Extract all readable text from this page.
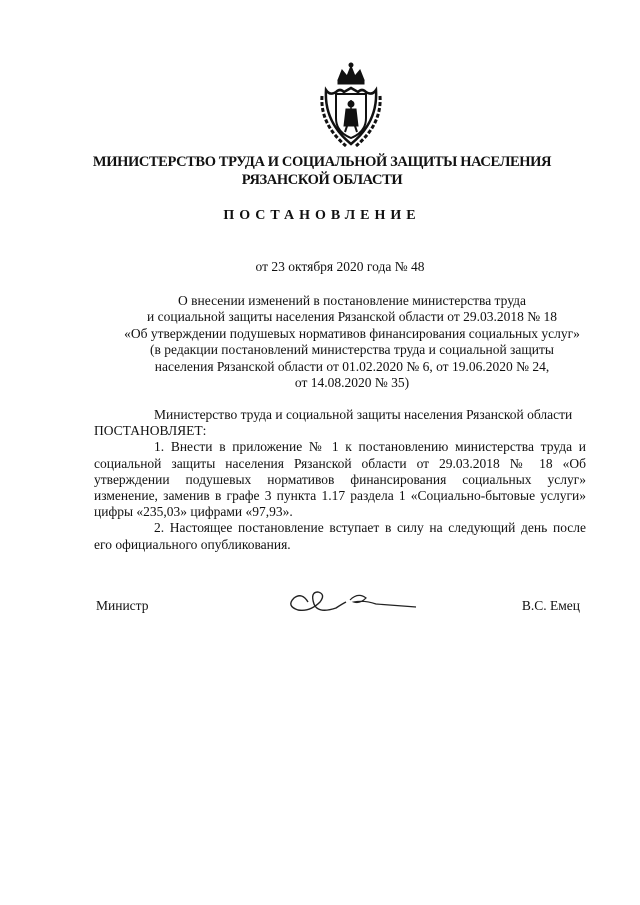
МИНИСТЕРСТВО ТРУДА И СОЦИАЛЬНОЙ ЗАЩИТЫ НАСЕЛЕНИЯ
РЯЗАНСКОЙ ОБЛАСТИ
ПОСТАНОВЛЕНИЕ
от 23 октября 2020 года № 48
О внесении изменений в постановление министерства труда
и социальной защиты населения Рязанской области от 29.03.2018 № 18
«Об утверждении подушевых нормативов финансирования социальных услуг»
(в редакции постановлений министерства труда и социальной защиты
населения Рязанской области от 01.02.2020 № 6, от 19.06.2020 № 24,
от 14.08.2020 № 35)

Министерство труда и социальной защиты населения Рязанской области

ПОСТАНОВЛЯЕТ:

1. Внести в приложение № 1 к постановлению министерства труда и социальной защиты населения Рязанской области от 29.03.2018 № 18 «Об утверждении подушевых нормативов финансирования социальных услуг» изменение, заменив в графе 3 пункта 1.17 раздела 1 «Социально-бытовые услуги» цифры «235,03» цифрами «97,93».

2. Настоящее постановление вступает в силу на следующий день после его официального опубликования.

Министр	В.С. Емец
